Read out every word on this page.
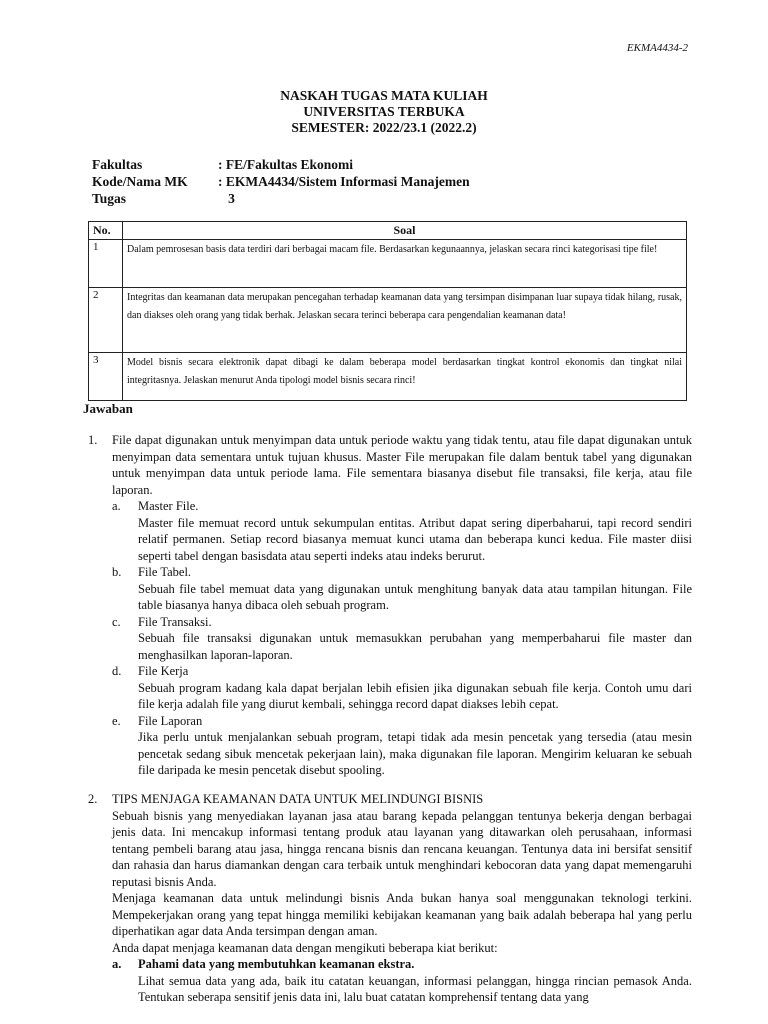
EKMA4434-2
NASKAH TUGAS MATA KULIAH
UNIVERSITAS TERBUKA
SEMESTER: 2022/23.1 (2022.2)
Fakultas	: FE/Fakultas Ekonomi
Kode/Nama MK	: EKMA4434/Sistem Informasi Manajemen
Tugas	3
No.	Soal
1	Dalam pemrosesan basis data terdiri dari berbagai macam file. Berdasarkan kegunaannya, jelaskan secara rinci kategorisasi tipe file!
2	Integritas dan keamanan data merupakan pencegahan terhadap keamanan data yang tersimpan disimpanan luar supaya tidak hilang, rusak, dan diakses oleh orang yang tidak berhak. Jelaskan secara terinci beberapa cara pengendalian keamanan data!
3	Model bisnis secara elektronik dapat dibagi ke dalam beberapa model berdasarkan tingkat kontrol ekonomis dan tingkat nilai integritasnya. Jelaskan menurut Anda tipologi model bisnis secara rinci!
Jawaban
1. File dapat digunakan untuk menyimpan data untuk periode waktu yang tidak tentu, atau file dapat digunakan untuk menyimpan data sementara untuk tujuan khusus. Master File merupakan file dalam bentuk tabel yang digunakan untuk menyimpan data untuk periode lama. File sementara biasanya disebut file transaksi, file kerja, atau file laporan.
a. Master File.
Master file memuat record untuk sekumpulan entitas. Atribut dapat sering diperbaharui, tapi record sendiri relatif permanen. Setiap record biasanya memuat kunci utama dan beberapa kunci kedua. File master diisi seperti tabel dengan basisdata atau seperti indeks atau indeks berurut.
b. File Tabel.
Sebuah file tabel memuat data yang digunakan untuk menghitung banyak data atau tampilan hitungan. File table biasanya hanya dibaca oleh sebuah program.
c. File Transaksi.
Sebuah file transaksi digunakan untuk memasukkan perubahan yang memperbaharui file master dan menghasilkan laporan-laporan.
d. File Kerja
Sebuah program kadang kala dapat berjalan lebih efisien jika digunakan sebuah file kerja. Contoh umu dari file kerja adalah file yang diurut kembali, sehingga record dapat diakses lebih cepat.
e. File Laporan
Jika perlu untuk menjalankan sebuah program, tetapi tidak ada mesin pencetak yang tersedia (atau mesin pencetak sedang sibuk mencetak pekerjaan lain), maka digunakan file laporan. Mengirim keluaran ke sebuah file daripada ke mesin pencetak disebut spooling.
2. TIPS MENJAGA KEAMANAN DATA UNTUK MELINDUNGI BISNIS
Sebuah bisnis yang menyediakan layanan jasa atau barang kepada pelanggan tentunya bekerja dengan berbagai jenis data. Ini mencakup informasi tentang produk atau layanan yang ditawarkan oleh perusahaan, informasi tentang pembeli barang atau jasa, hingga rencana bisnis dan rencana keuangan. Tentunya data ini bersifat sensitif dan rahasia dan harus diamankan dengan cara terbaik untuk menghindari kebocoran data yang dapat memengaruhi reputasi bisnis Anda.
Menjaga keamanan data untuk melindungi bisnis Anda bukan hanya soal menggunakan teknologi terkini. Mempekerjakan orang yang tepat hingga memiliki kebijakan keamanan yang baik adalah beberapa hal yang perlu diperhatikan agar data Anda tersimpan dengan aman.
Anda dapat menjaga keamanan data dengan mengikuti beberapa kiat berikut:
a. Pahami data yang membutuhkan keamanan ekstra.
Lihat semua data yang ada, baik itu catatan keuangan, informasi pelanggan, hingga rincian pemasok Anda. Tentukan seberapa sensitif jenis data ini, lalu buat catatan komprehensif tentang data yang
